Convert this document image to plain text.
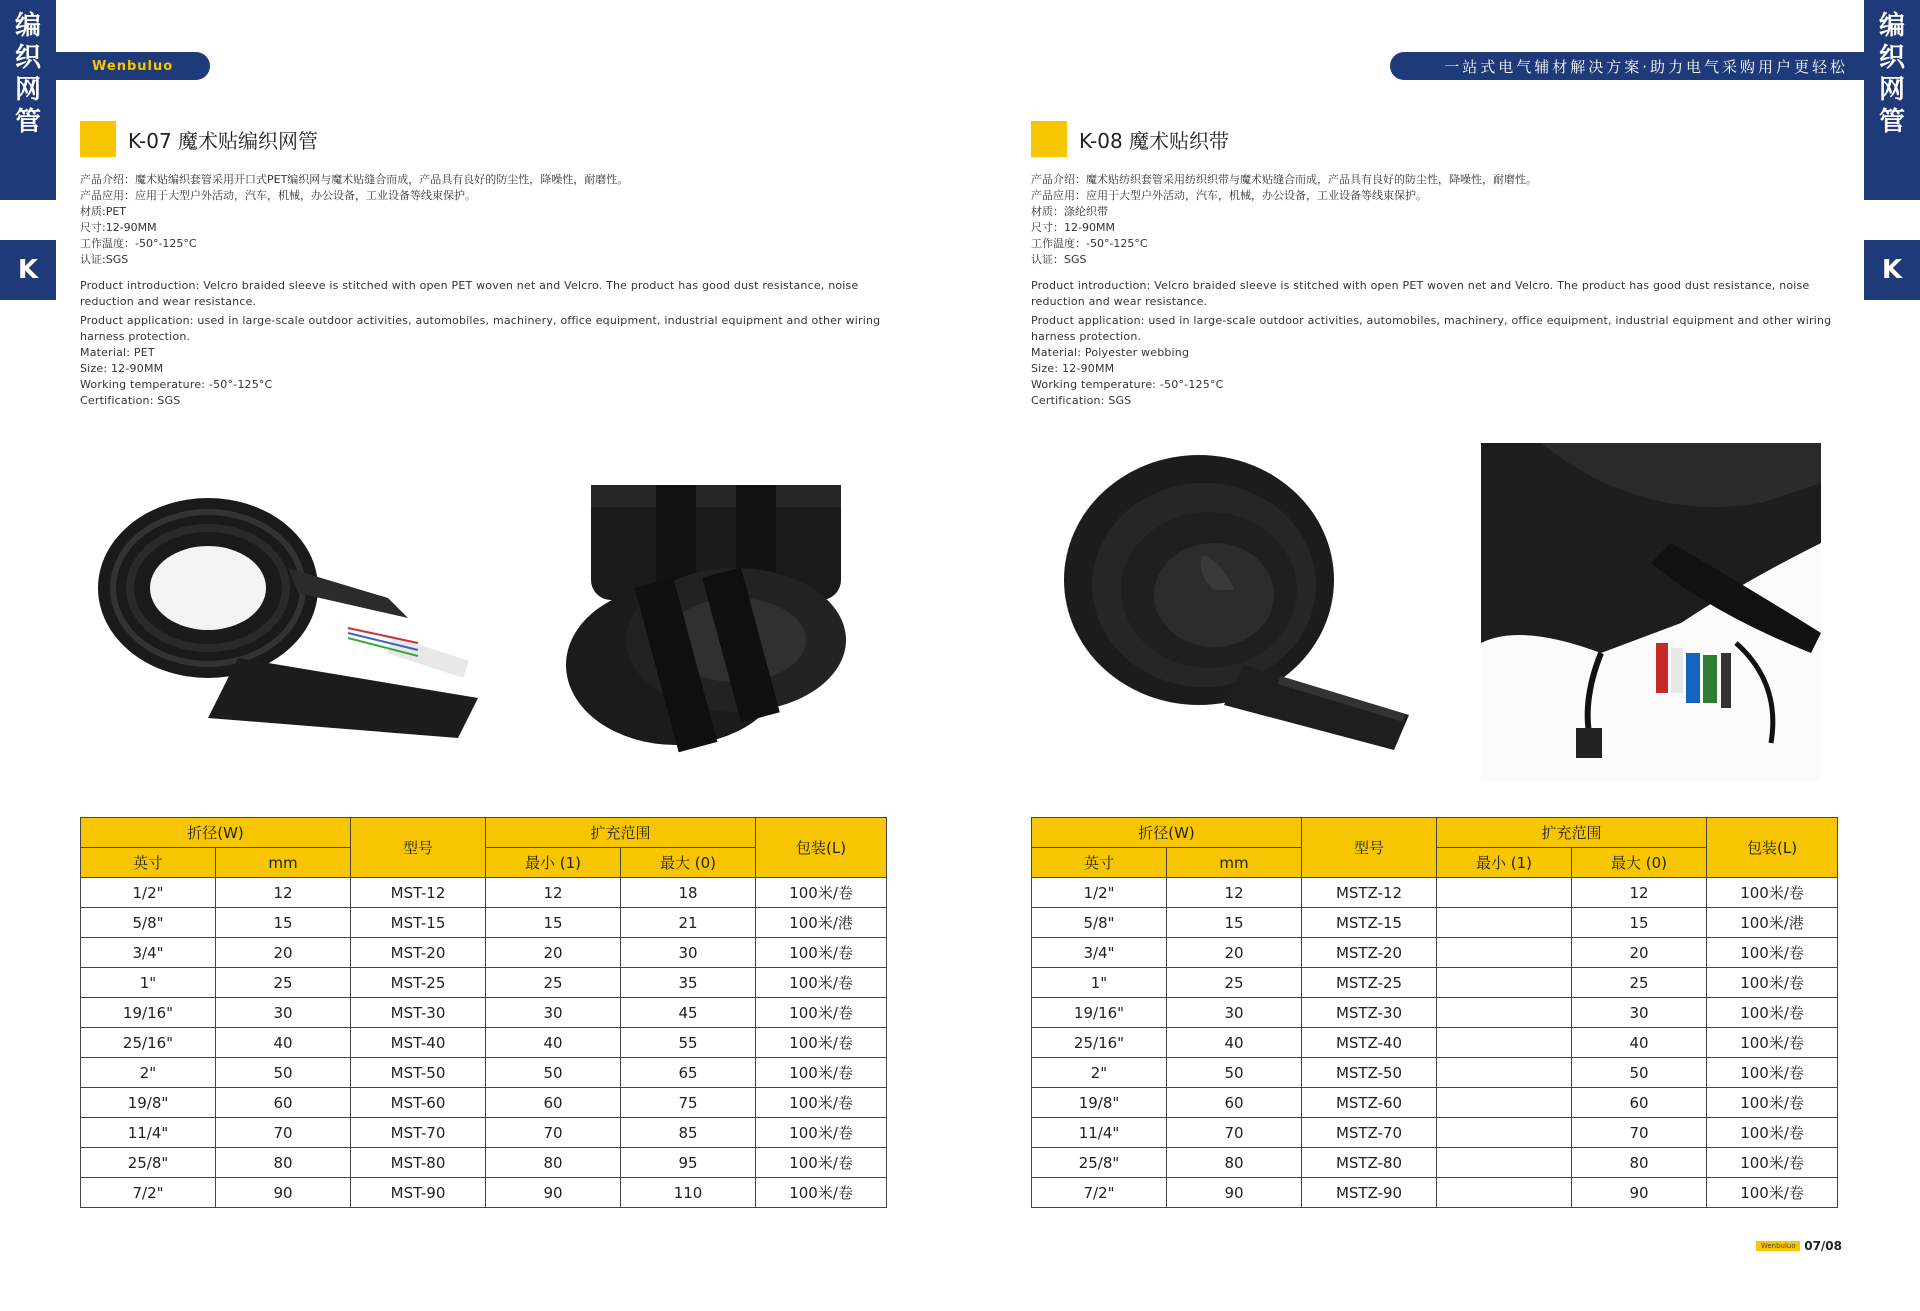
编
织
网
管
编
织
网
管
K	K
Wenbuluo	一站式电气辅材解决方案·助力电气采购用户更轻松
K-07 魔术贴编织网管

产品介绍：魔术贴编织套管采用开口式PET编织网与魔术贴缝合而成，产品具有良好的防尘性，降噪性，耐磨性。

产品应用：应用于大型户外活动，汽车，机械，办公设备，工业设备等线束保护。

材质:PET

尺寸:12-90MM

工作温度：-50°-125°C

认证:SGS

Product introduction: Velcro braided sleeve is stitched with open PET woven net and Velcro. The product has good dust resistance, noise reduction and wear resistance.

Product application: used in large-scale outdoor activities, automobiles, machinery, office equipment, industrial equipment and other wiring harness protection.

Material: PET

Size: 12-90MM

Working temperature: -50°-125°C

Certification: SGS

K-08 魔术贴织带

产品介绍：魔术贴纺织套管采用纺织织带与魔术贴缝合而成，产品具有良好的防尘性，降噪性，耐磨性。

产品应用：应用于大型户外活动，汽车，机械，办公设备，工业设备等线束保护。

材质：涤纶织带

尺寸：12-90MM

工作温度：-50°-125°C

认证：SGS

Product introduction: Velcro braided sleeve is stitched with open PET woven net and Velcro. The product has good dust resistance, noise reduction and wear resistance.

Product application: used in large-scale outdoor activities, automobiles, machinery, office equipment, industrial equipment and other wiring harness protection.

Material: Polyester webbing

Size: 12-90MM

Working temperature: -50°-125°C

Certification: SGS

折径(W)		型号	扩充范围		包装(L)
英寸	mm		最小 (1)	最大 (0)	
1/2"	12	MST-12	12	18	100米/卷
5/8"	15	MST-15	15	21	100米/港
3/4"	20	MST-20	20	30	100米/卷
1"	25	MST-25	25	35	100米/卷
19/16"	30	MST-30	30	45	100米/卷
25/16"	40	MST-40	40	55	100米/卷
2"	50	MST-50	50	65	100米/卷
19/8"	60	MST-60	60	75	100米/卷
11/4"	70	MST-70	70	85	100米/卷
25/8"	80	MST-80	80	95	100米/卷
7/2"	90	MST-90	90	110	100米/卷
折径(W)		型号	扩充范围		包装(L)
英寸	mm		最小 (1)	最大 (0)	
1/2"	12	MSTZ-12		12	100米/卷
5/8"	15	MSTZ-15		15	100米/港
3/4"	20	MSTZ-20		20	100米/卷
1"	25	MSTZ-25		25	100米/卷
19/16"	30	MSTZ-30		30	100米/卷
25/16"	40	MSTZ-40		40	100米/卷
2"	50	MSTZ-50		50	100米/卷
19/8"	60	MSTZ-60		60	100米/卷
11/4"	70	MSTZ-70		70	100米/卷
25/8"	80	MSTZ-80		80	100米/卷
7/2"	90	MSTZ-90		90	100米/卷
Wenbuluo 07/08
